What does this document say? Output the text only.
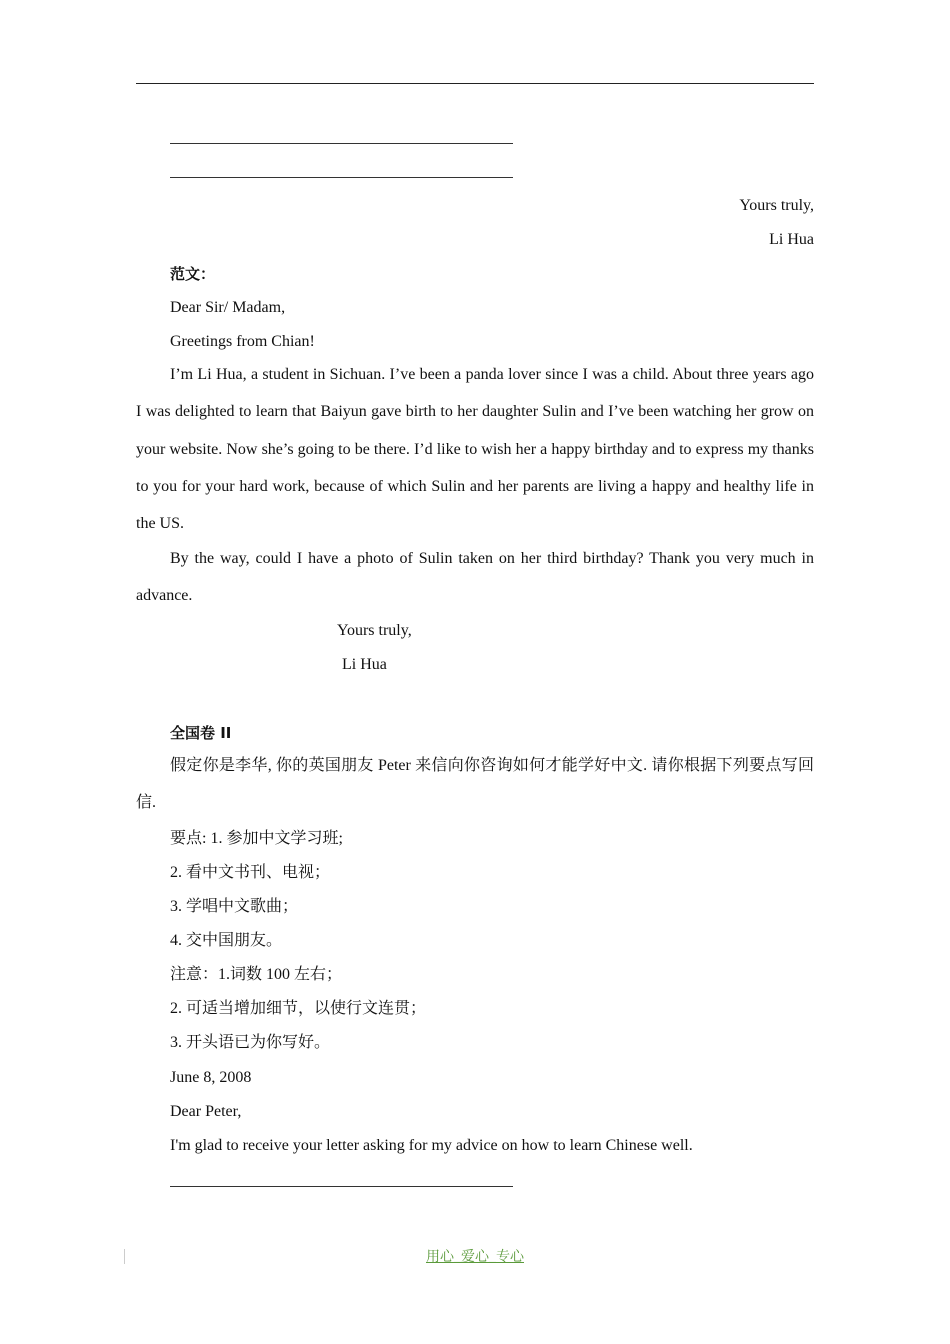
Yours truly,
Li Hua
范文：
Dear Sir/ Madam,
Greetings from Chian!

I’m Li Hua, a student in Sichuan. I’ve been a panda lover since I was a child. About three years ago I was delighted to learn that Baiyun gave birth to her daughter Sulin and I’ve been watching her grow on your website. Now she’s going to be there. I’d like to wish her a happy birthday and to express my thanks to you for your hard work, because of which Sulin and her parents are living a happy and healthy life in the US.

By the way, could I have a photo of Sulin taken on her third birthday? Thank you very much in advance.

Yours truly,
Li Hua
全国卷 II

假定你是李华, 你的英国朋友 Peter 来信向你咨询如何才能学好中文. 请你根据下列要点写回信.

要点: 1. 参加中文学习班;
2. 看中文书刊、电视；
3. 学唱中文歌曲；
4. 交中国朋友。
注意：1.词数 100 左右；
2. 可适当增加细节，以使行文连贯；
3. 开头语已为你写好。
June 8, 2008
Dear Peter,
I'm glad to receive your letter asking for my advice on how to learn Chinese well.
用心_爱心_专心
